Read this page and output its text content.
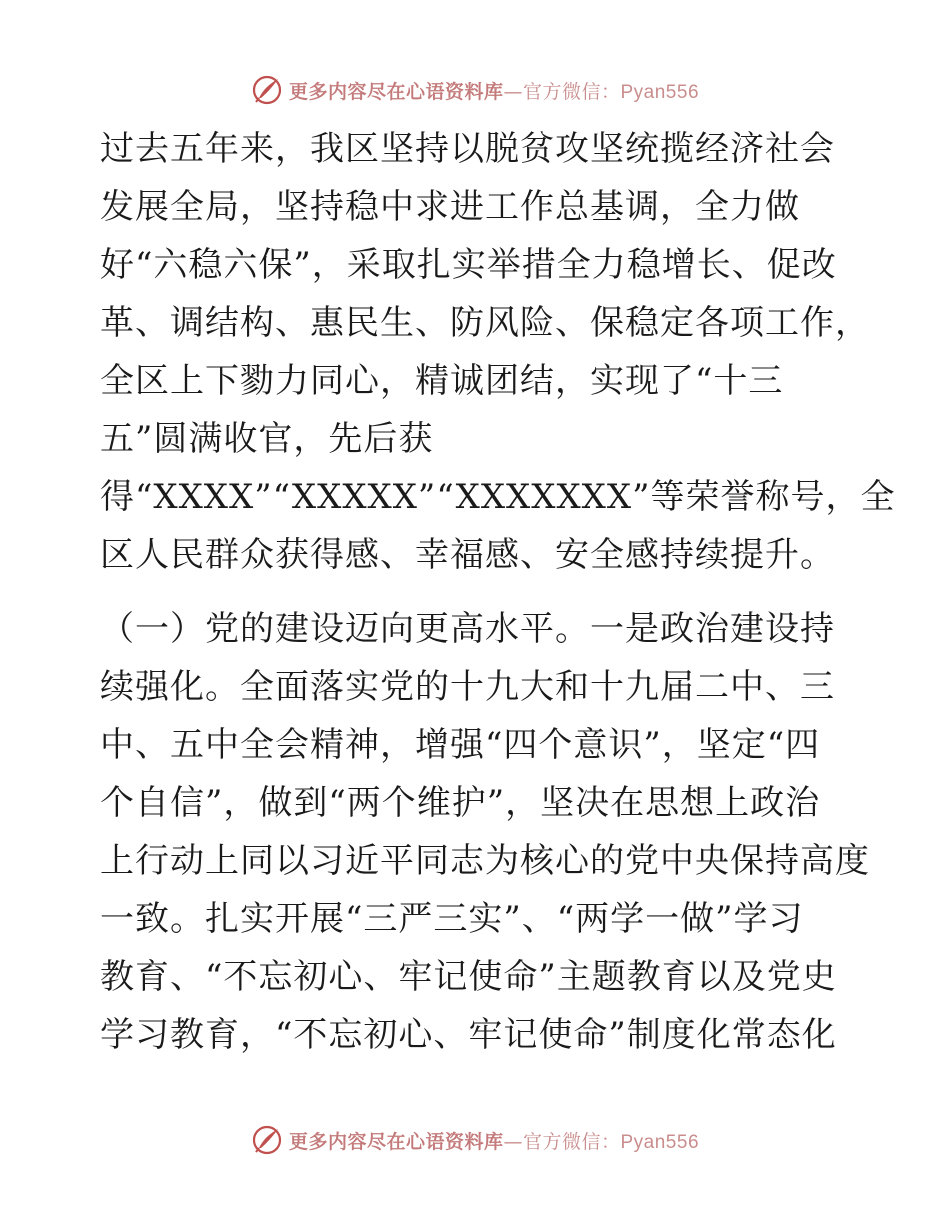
更多内容尽在心语资料库—官方微信：Pyan556
过去五年来，我区坚持以脱贫攻坚统揽经济社会
发展全局，坚持稳中求进工作总基调，全力做
好“六稳六保”，采取扎实举措全力稳增长、促改
革、调结构、惠民生、防风险、保稳定各项工作，
全区上下勠力同心，精诚团结，实现了“十三
五”圆满收官，先后获
得“XXXX”“XXXXX”“XXXXXXX”等荣誉称号，全
区人民群众获得感、幸福感、安全感持续提升。
（一）党的建设迈向更高水平。一是政治建设持
续强化。全面落实党的十九大和十九届二中、三
中、五中全会精神，增强“四个意识”，坚定“四
个自信”，做到“两个维护”，坚决在思想上政治
上行动上同以习近平同志为核心的党中央保持高度
一致。扎实开展“三严三实”、“两学一做”学习
教育、“不忘初心、牢记使命”主题教育以及党史
学习教育，“不忘初心、牢记使命”制度化常态化
更多内容尽在心语资料库—官方微信：Pyan556
